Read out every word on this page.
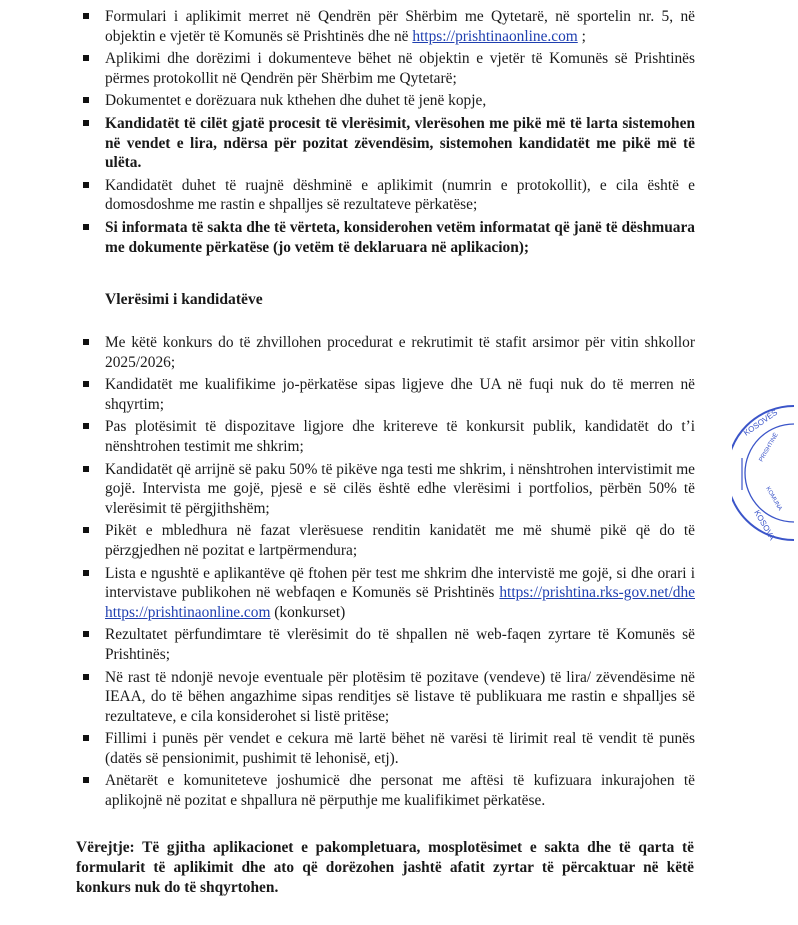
Formulari i aplikimit merret në Qendrën për Shërbim me Qytetarë, në sportelin nr. 5, në objektin e vjetër të Komunës së Prishtinës dhe në https://prishtinaonline.com ;
Aplikimi dhe dorëzimi i dokumenteve bëhet në objektin e vjetër të Komunës së Prishtinës përmes protokollit në Qendrën për Shërbim me Qytetarë;
Dokumentet e dorëzuara nuk kthehen dhe duhet të jenë kopje,
Kandidatët të cilët gjatë procesit të vlerësimit, vlerësohen me pikë më të larta sistemohen në vendet e lira, ndërsa për pozitat zëvendësim, sistemohen kandidatët me pikë më të ulëta.
Kandidatët duhet të ruajnë dëshminë e aplikimit (numrin e protokollit), e cila është e domosdoshme me rastin e shpalljes së rezultateve përkatëse;
Si informata të sakta dhe të vërteta, konsiderohen vetëm informatat që janë të dëshmuara me dokumente përkatëse (jo vetëm të deklaruara në aplikacion);
Vlerësimi i kandidatëve
Me këtë konkurs do të zhvillohen procedurat e rekrutimit të stafit arsimor për vitin shkollor 2025/2026;
Kandidatët me kualifikime jo-përkatëse sipas ligjeve dhe UA në fuqi nuk do të merren në shqyrtim;
Pas plotësimit të dispozitave ligjore dhe kritereve të konkursit publik, kandidatët do t’i nënshtrohen testimit me shkrim;
Kandidatët që arrijnë së paku 50% të pikëve nga testi me shkrim, i nënshtrohen intervistimit me gojë. Intervista me gojë, pjesë e së cilës është edhe vlerësimi i portfolios, përbën 50% të vlerësimit të përgjithshëm;
Pikët e mbledhura në fazat vlerësuese renditin kanidatët me më shumë pikë që do të përzgjedhen në pozitat e lartpërmendura;
Lista e ngushtë e aplikantëve që ftohen për test me shkrim dhe intervistë me gojë, si dhe orari i intervistave publikohen në webfaqen e Komunës së Prishtinës https://prishtina.rks-gov.net/dhe https://prishtinaonline.com (konkurset)
Rezultatet përfundimtare të vlerësimit do të shpallen në web-faqen zyrtare të Komunës së Prishtinës;
Në rast të ndonjë nevoje eventuale për plotësim të pozitave (vendeve) të lira/ zëvendësime në IEAA, do të bëhen angazhime sipas renditjes së listave të publikuara me rastin e shpalljes së rezultateve, e cila konsiderohet si listë pritëse;
Fillimi i punës për vendet e cekura më lartë bëhet në varësi të lirimit real të vendit të punës (datës së pensionimit, pushimit të lehonisë, etj).
Anëtarët e komuniteteve joshumicë dhe personat me aftësi të kufizuara inkurajohen të aplikojnë në pozitat e shpallura në përputhje me kualifikimet përkatëse.
Vërejtje: Të gjitha aplikacionet e pakompletuara, mosplotësimet e sakta dhe të qarta të formularit të aplikimit dhe ato që dorëzohen jashtë afatit zyrtar të përcaktuar në këtë konkurs nuk do të shqyrtohen.
KOSOVËS
KOSOVA
PRISHTINË
KOMUNA
